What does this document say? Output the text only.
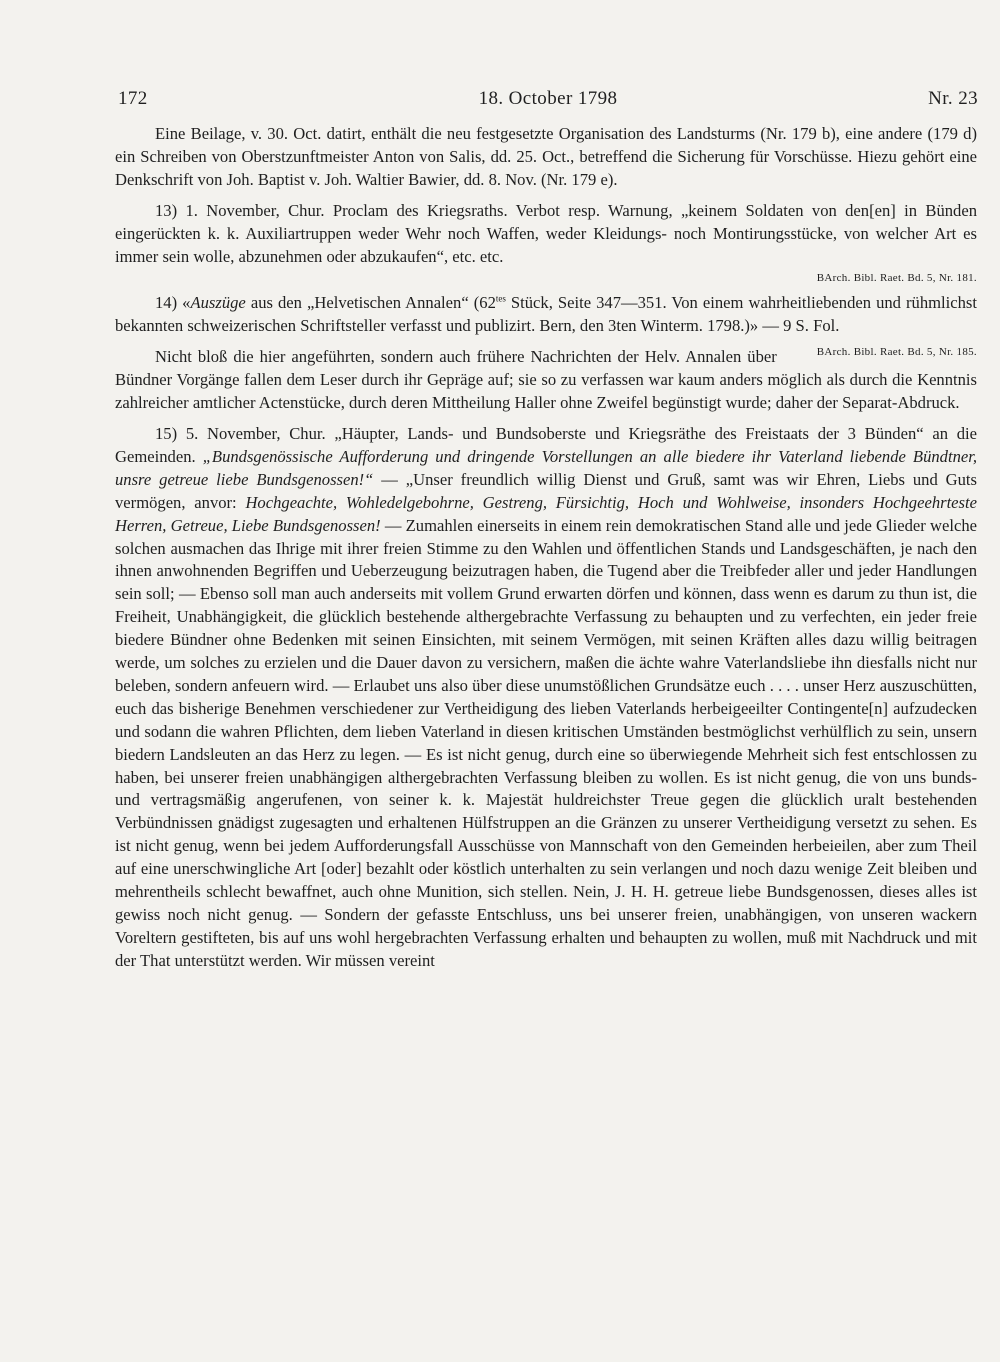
172	18. October 1798	Nr. 23

Eine Beilage, v. 30. Oct. datirt, enthält die neu festgesetzte Organisation des Landsturms (Nr. 179 b), eine andere (179 d) ein Schreiben von Oberstzunftmeister Anton von Salis, dd. 25. Oct., betreffend die Sicherung für Vorschüsse. Hiezu gehört eine Denkschrift von Joh. Baptist v. Joh. Waltier Bawier, dd. 8. Nov. (Nr. 179 e).

13) 1. November, Chur. Proclam des Kriegsraths. Verbot resp. Warnung, „keinem Soldaten von den[en] in Bünden eingerückten k. k. Auxiliartruppen weder Wehr noch Waffen, weder Kleidungs- noch Montirungsstücke, von welcher Art es immer sein wolle, abzunehmen oder abzukaufen“, etc. etc.

BArch. Bibl. Raet. Bd. 5, Nr. 181.

14) «Auszüge aus den „Helvetischen Annalen“ ($62^{tes}$ Stück, Seite 347—351. Von einem wahrheitliebenden und rühmlichst bekannten schweizerischen Schriftsteller verfasst und publizirt. Bern, den 3ten Winterm. 1798.)» — 9 S. Fol.
BArch. Bibl. Raet. Bd. 5, Nr. 185.

Nicht bloß die hier angeführten, sondern auch frühere Nachrichten der Helv. Annalen über Bündner Vorgänge fallen dem Leser durch ihr Gepräge auf; sie so zu verfassen war kaum anders möglich als durch die Kenntnis zahlreicher amtlicher Actenstücke, durch deren Mittheilung Haller ohne Zweifel begünstigt wurde; daher der Separat-Abdruck.

15) 5. November, Chur. „Häupter, Lands- und Bundsoberste und Kriegsräthe des Freistaats der 3 Bünden“ an die Gemeinden. „Bundsgenössische Aufforderung und dringende Vorstellungen an alle biedere ihr Vaterland liebende Bündtner, unsre getreue liebe Bundsgenossen!“ — „Unser freundlich willig Dienst und Gruß, samt was wir Ehren, Liebs und Guts vermögen, anvor: Hochgeachte, Wohledelgebohrne, Gestreng, Fürsichtig, Hoch und Wohlweise, insonders Hochgeehrteste Herren, Getreue, Liebe Bundsgenossen! — Zumahlen einerseits in einem rein demokratischen Stand alle und jede Glieder welche solchen ausmachen das Ihrige mit ihrer freien Stimme zu den Wahlen und öffentlichen Stands und Landsgeschäften, je nach den ihnen anwohnenden Begriffen und Ueberzeugung beizutragen haben, die Tugend aber die Treibfeder aller und jeder Handlungen sein soll; — Ebenso soll man auch anderseits mit vollem Grund erwarten dörfen und können, dass wenn es darum zu thun ist, die Freiheit, Unabhängigkeit, die glücklich bestehende althergebrachte Verfassung zu behaupten und zu verfechten, ein jeder freie biedere Bündner ohne Bedenken mit seinen Einsichten, mit seinem Vermögen, mit seinen Kräften alles dazu willig beitragen werde, um solches zu erzielen und die Dauer davon zu versichern, maßen die ächte wahre Vaterlandsliebe ihn diesfalls nicht nur beleben, sondern anfeuern wird. — Erlaubet uns also über diese unumstößlichen Grundsätze euch . . . . unser Herz auszuschütten, euch das bisherige Benehmen verschiedener zur Vertheidigung des lieben Vaterlands herbeigeeilter Contingente[n] aufzudecken und sodann die wahren Pflichten, dem lieben Vaterland in diesen kritischen Umständen bestmöglichst verhülflich zu sein, unsern biedern Landsleuten an das Herz zu legen. — Es ist nicht genug, durch eine so überwiegende Mehrheit sich fest entschlossen zu haben, bei unserer freien unabhängigen althergebrachten Verfassung bleiben zu wollen. Es ist nicht genug, die von uns bunds- und vertragsmäßig angerufenen, von seiner k. k. Majestät huldreichster Treue gegen die glücklich uralt bestehenden Verbündnissen gnädigst zugesagten und erhaltenen Hülfstruppen an die Gränzen zu unserer Vertheidigung versetzt zu sehen. Es ist nicht genug, wenn bei jedem Aufforderungsfall Ausschüsse von Mannschaft von den Gemeinden herbeieilen, aber zum Theil auf eine unerschwingliche Art [oder] bezahlt oder köstlich unterhalten zu sein verlangen und noch dazu wenige Zeit bleiben und mehrentheils schlecht bewaffnet, auch ohne Munition, sich stellen. Nein, J. H. H. getreue liebe Bundsgenossen, dieses alles ist gewiss noch nicht genug. — Sondern der gefasste Entschluss, uns bei unserer freien, unabhängigen, von unseren wackern Voreltern gestifteten, bis auf uns wohl hergebrachten Verfassung erhalten und behaupten zu wollen, muß mit Nachdruck und mit der That unterstützt werden. Wir müssen vereint
